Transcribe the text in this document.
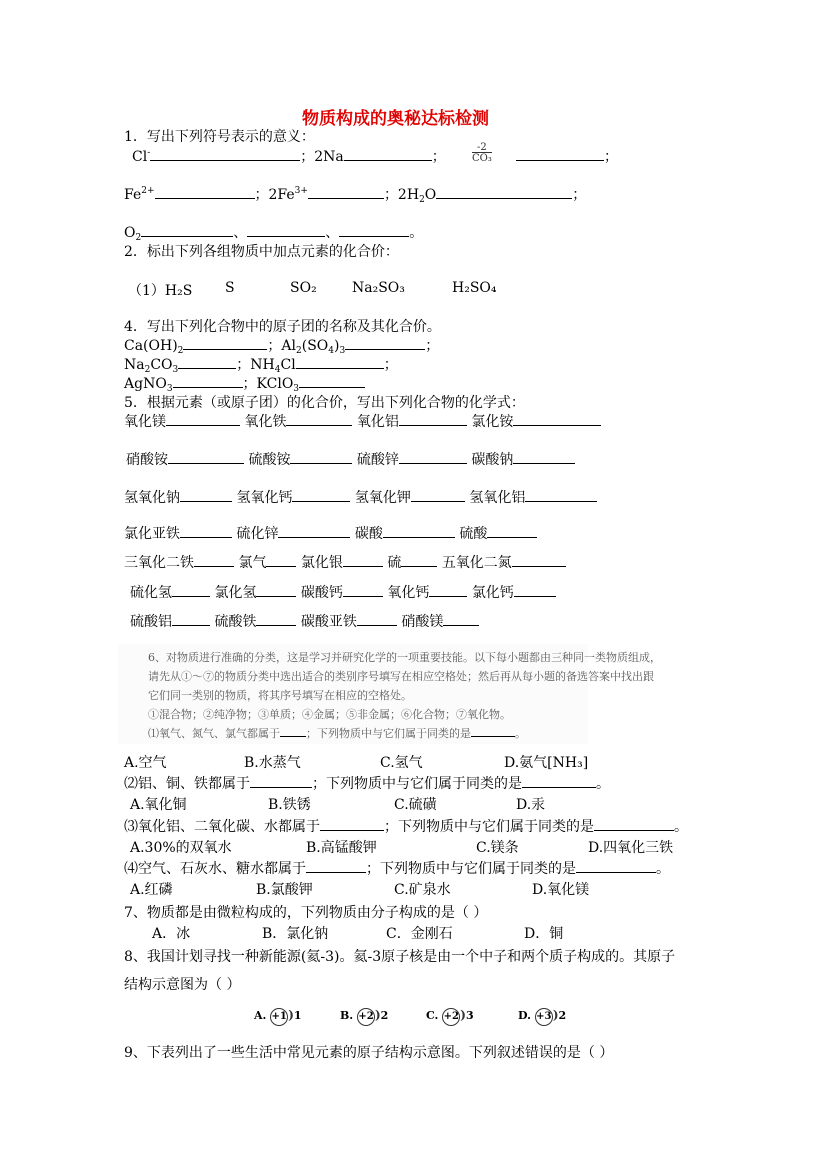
物质构成的奥秘达标检测
1．写出下列符号表示的意义：
Cl-	；2Na	；	$\frac{-2}{\text{CO₃}}$	；
$Fe^{2+}$	；$2Fe^{3+}$	；$2H_2O$	；
$O_2$	、	、	。
2．标出下列各组物质中加点元素的化合价：
（1）H₂S S	SO₂	Na₂SO₃	H₂SO₄
4．写出下列化合物中的原子团的名称及其化合价。
$Ca(OH)_2$	；$Al_2(SO_4)_3$	；
$Na_2CO_3$	；$NH_4Cl$	；
AgNO$_3$	；KClO$_3$
5．根据元素（或原子团）的化合价，写出下列化合物的化学式：
氧化镁	氧化铁	氧化铝	氯化铵
硝酸铵	硫酸铵	硫酸锌	碳酸钠
氢氧化钠	氢氧化钙	氢氧化钾	氢氧化铝
氯化亚铁	硫化锌	碳酸	硫酸
三氧化二铁	氯气 氯化银	硫	五氧化二氮
硫化氢	氯化氢	碳酸钙	氧化钙	氯化钙
硫酸铝	硫酸铁	碳酸亚铁	硝酸镁
6、对物质进行准确的分类，这是学习并研究化学的一项重要技能。以下每小题都由三种同一类物质组成，
请先从①～⑦的物质分类中选出适合的类别序号填写在相应空格处；然后再从每小题的备选答案中找出跟
它们同一类别的物质，将其序号填写在相应的空格处。
①混合物；②纯净物；③单质；④金属；⑤非金属；⑥化合物；⑦氧化物。
⑴氧气、氮气、氯气都属于 ；下列物质中与它们属于同类的是	。
A.空气	B.水蒸气	C.氢气	D.氨气[NH₃]
⑵铝、铜、铁都属于	；下列物质中与它们属于同类的是	。
A.氧化铜	B.铁锈	C.硫磺	D.汞
⑶氧化铝、二氧化碳、水都属于	；下列物质中与它们属于同类的是	。
A.30%的双氧水	B.高锰酸钾	C.镁条	D.四氧化三铁
⑷空气、石灰水、糖水都属于	；下列物质中与它们属于同类的是	。
A.红磷	B.氯酸钾	C.矿泉水	D.氧化镁
7、物质都是由微粒构成的，下列物质由分子构成的是（ ）
A．冰	B．氯化钠	C．金刚石	D．铜
8、我国计划寻找一种新能源(氦-3)。氦-3原子核是由一个中子和两个质子构成的。其原子
结构示意图为（ ）
A. +1)1	B. +2)2	C. +2)3	D. +3)2
9、下表列出了一些生活中常见元素的原子结构示意图。下列叙述错误的是（ ）
